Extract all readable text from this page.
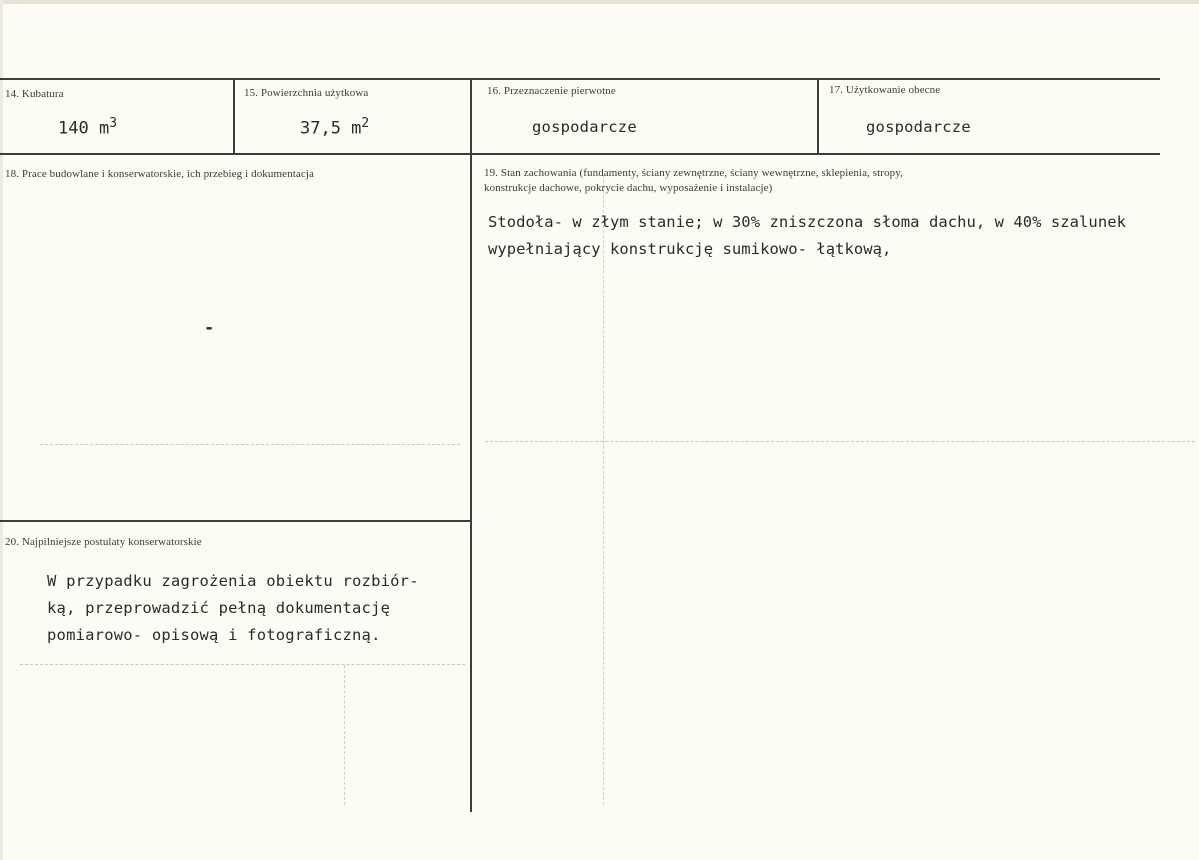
14. Kubatura
140 $m^3$
15. Powierzchnia użytkowa
37,5 $m^2$
16. Przeznaczenie pierwotne
gospodarcze
17. Użytkowanie obecne
gospodarcze
18. Prace budowlane i konserwatorskie, ich przebieg i dokumentacja
-
19. Stan zachowania (fundamenty, ściany zewnętrzne, ściany wewnętrzne, sklepienia, stropy,
konstrukcje dachowe, pokrycie dachu, wyposażenie i instalacje)
Stodoła- w złym stanie; w 30% zniszczona słoma dachu, w 40% szalunek
wypełniający konstrukcję sumikowo- łątkową,
20. Najpilniejsze postulaty konserwatorskie
W przypadku zagrożenia obiektu rozbiór-
ką, przeprowadzić pełną dokumentację
pomiarowo- opisową i fotograficzną.
